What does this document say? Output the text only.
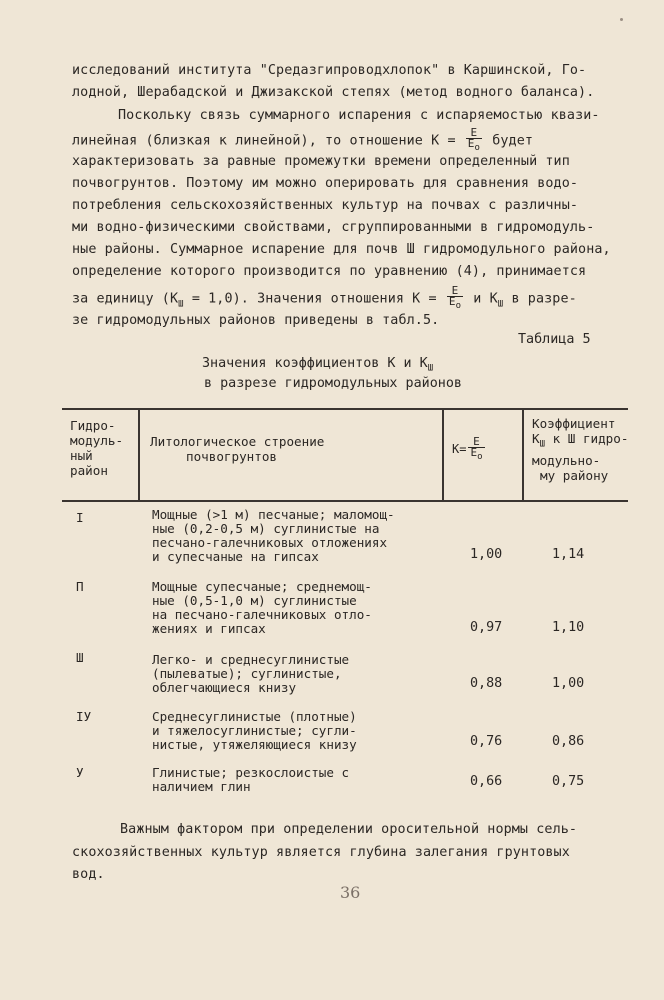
исследований института "Средазгипроводхлопок" в Каршинской, Го-
лодной, Шерабадской и Джизакской степях (метод водного баланса).
Поскольку связь суммарного испарения с испаряемостью квази-
линейная (близкая к линейной), то отношение $К = \frac{Е}{Е_о}$ будет
характеризовать за равные промежутки времени определенный тип
почвогрунтов. Поэтому им можно оперировать для сравнения водо-
потребления сельскохозяйственных культур на почвах с различны-
ми водно-физическими свойствами, сгруппированными в гидромодуль-
ные районы. Суммарное испарение для почв Ш гидромодульного района,
определение которого производится по уравнению (4), принимается
за единицу $(К_Ш = 1,0)$. Значения отношения $К = \frac{Е}{Е_о}$ и $К_Ш$ в разре-
зе гидромодульных районов приведены в табл.5.
Таблица 5
Значения коэффициентов К и $К_Ш$
в разрезе гидромодульных районов
Гидро-
модуль-
ный
район
Литологическое строение
почвогрунтов	$К= \frac{Е}{Е_о}$
Коэффициент
$К_Ш$ к Ш гидро-
модульно-
му району
I	Мощные (>1 м) песчаные; маломощ-
ные (0,2-0,5 м) суглинистые на
песчано-галечниковых отложениях
и супесчаные на гипсах	1,00	1,14
П	Мощные супесчаные; среднемощ-
ные (0,5-1,0 м) суглинистые
на песчано-галечниковых отло-
жениях и гипсах	0,97	1,10
Ш	Легко- и среднесуглинистые
(пылеватые); суглинистые,
облегчающиеся книзу	0,88	1,00
IУ	Среднесуглинистые (плотные)
и тяжелосуглинистые; сугли-
нистые, утяжеляющиеся книзу	0,76	0,86
У	Глинистые; резкослоистые с
наличием глин	0,66	0,75
Важным фактором при определении оросительной нормы сель-
скохозяйственных культур является глубина залегания грунтовых
вод.
36
